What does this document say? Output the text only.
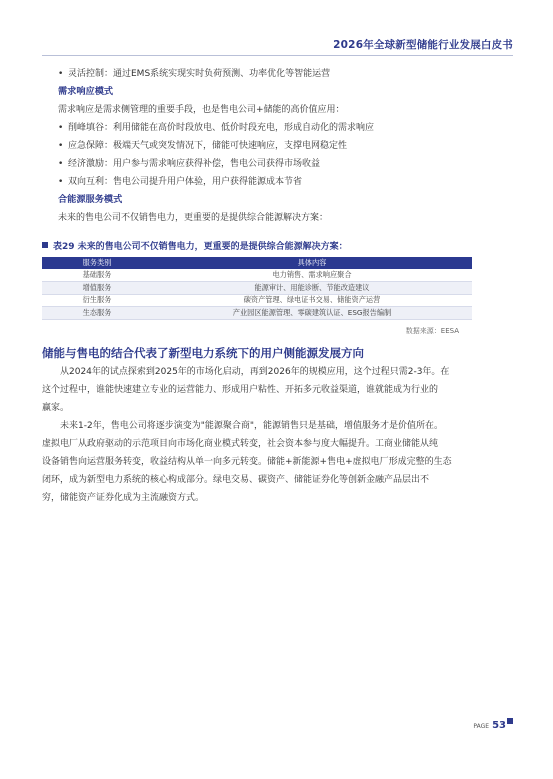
2026年全球新型储能行业发展白皮书
• 灵活控制：通过EMS系统实现实时负荷预测、功率优化等智能运营
需求响应模式
需求响应是需求侧管理的重要手段，也是售电公司+储能的高价值应用：
• 削峰填谷：利用储能在高价时段放电、低价时段充电，形成自动化的需求响应
• 应急保障：极端天气或突发情况下，储能可快速响应，支撑电网稳定性
• 经济激励：用户参与需求响应获得补偿，售电公司获得市场收益
• 双向互利：售电公司提升用户体验，用户获得能源成本节省
合能源服务模式
未来的售电公司不仅销售电力，更重要的是提供综合能源解决方案：
表29 未来的售电公司不仅销售电力，更重要的是提供综合能源解决方案：
服务类别	具体内容
基础服务	电力销售、需求响应聚合
增值服务	能源审计、用能诊断、节能改造建议
衍生服务	碳资产管理、绿电证书交易、储能资产运营
生态服务	产业园区能源管理、零碳建筑认证、ESG报告编制
数据来源：EESA
储能与售电的结合代表了新型电力系统下的用户侧能源发展方向
　　从2024年的试点探索到2025年的市场化启动，再到2026年的规模应用，这个过程只需2-3年。在
这个过程中，谁能快速建立专业的运营能力、形成用户粘性、开拓多元收益渠道，谁就能成为行业的
赢家。
　　未来1-2年，售电公司将逐步演变为"能源聚合商"，能源销售只是基础，增值服务才是价值所在。
虚拟电厂从政府驱动的示范项目向市场化商业模式转变，社会资本参与度大幅提升。工商业储能从纯
设备销售向运营服务转变，收益结构从单一向多元转变。储能+新能源+售电+虚拟电厂形成完整的生态
闭环，成为新型电力系统的核心构成部分。绿电交易、碳资产、储能证券化等创新金融产品层出不
穷，储能资产证券化成为主流融资方式。
PAGE 53
